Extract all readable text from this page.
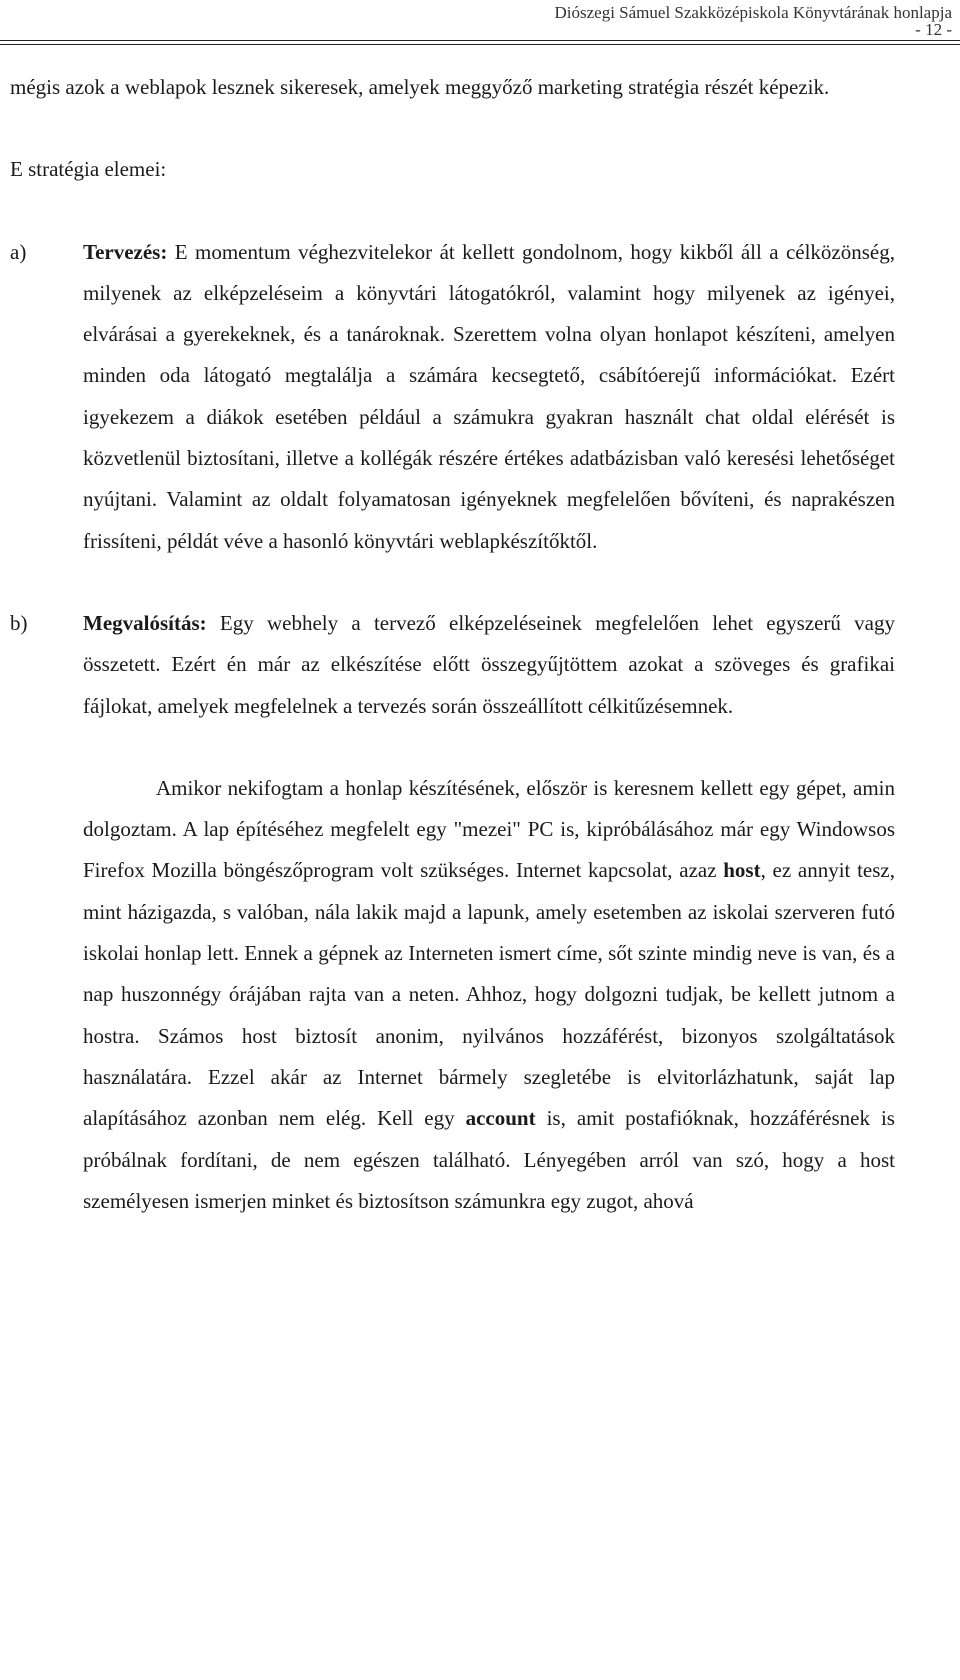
Diószegi Sámuel Szakközépiskola Könyvtárának honlapja
- 12 -

mégis azok a weblapok lesznek sikeresek, amelyek meggyőző marketing stratégia részét képezik.

E stratégia elemei:

a)	Tervezés: E momentum véghezvitelekor át kellett gondolnom, hogy kikből áll a célközönség, milyenek az elképzeléseim a könyvtári látogatókról, valamint hogy milyenek az igényei, elvárásai a gyerekeknek, és a tanároknak. Szerettem volna olyan honlapot készíteni, amelyen minden oda látogató megtalálja a számára kecsegtető, csábítóerejű információkat. Ezért igyekezem a diákok esetében például a számukra gyakran használt chat oldal elérését is közvetlenül biztosítani, illetve a kollégák részére értékes adatbázisban való keresési lehetőséget nyújtani. Valamint az oldalt folyamatosan igényeknek megfelelően bővíteni, és naprakészen frissíteni, példát véve a hasonló könyvtári weblapkészítőktől.

b)	Megvalósítás: Egy webhely a tervező elképzeléseinek megfelelően lehet egyszerű vagy összetett. Ezért én már az elkészítése előtt összegyűjtöttem azokat a szöveges és grafikai fájlokat, amelyek megfelelnek a tervezés során összeállított célkitűzésemnek.

Amikor nekifogtam a honlap készítésének, először is keresnem kellett egy gépet, amin dolgoztam. A lap építéséhez megfelelt egy "mezei" PC is, kipróbálásához már egy Windowsos Firefox Mozilla böngészőprogram volt szükséges. Internet kapcsolat, azaz host, ez annyit tesz, mint házigazda, s valóban, nála lakik majd a lapunk, amely esetemben az iskolai szerveren futó iskolai honlap lett. Ennek a gépnek az Interneten ismert címe, sőt szinte mindig neve is van, és a nap huszonnégy órájában rajta van a neten. Ahhoz, hogy dolgozni tudjak, be kellett jutnom a hostra. Számos host biztosít anonim, nyilvános hozzáférést, bizonyos szolgáltatások használatára. Ezzel akár az Internet bármely szegletébe is elvitorlázhatunk, saját lap alapításához azonban nem elég. Kell egy account is, amit postafióknak, hozzáférésnek is próbálnak fordítani, de nem egészen található. Lényegében arról van szó, hogy a host személyesen ismerjen minket és biztosítson számunkra egy zugot, ahová
